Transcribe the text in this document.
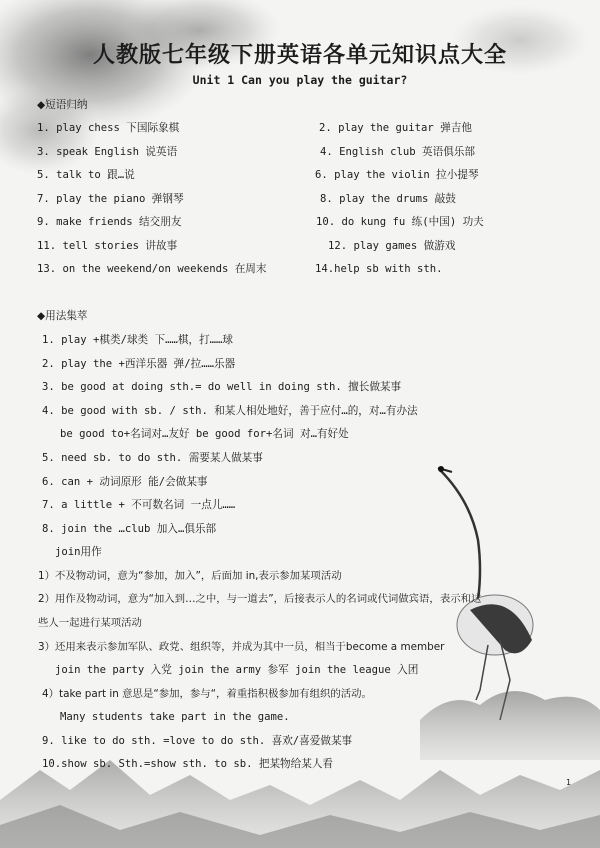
人教版七年级下册英语各单元知识点大全
Unit 1 Can you play the guitar?
◆短语归纳
1. play chess 下国际象棋	2. play the guitar 弹吉他
3. speak English 说英语	4. English club 英语俱乐部
5. talk to 跟…说	6. play the violin 拉小提琴
7. play the piano 弹钢琴	8. play the drums 敲鼓
9. make friends 结交朋友	10. do kung fu 练(中国) 功夫
11. tell stories 讲故事	12. play games 做游戏
13. on the weekend/on weekends 在周末	14.help sb with sth.
◆用法集萃
1. play +棋类/球类 下……棋，打……球
2. play the +西洋乐器 弹/拉……乐器
3. be good at doing sth.= do well in doing sth. 擅长做某事
4. be good with sb. / sth. 和某人相处地好，善于应付…的，对…有办法
be good to+名词对…友好 be good for+名词 对…有好处
5. need sb. to do sth. 需要某人做某事
6. can + 动词原形 能/会做某事
7. a little + 不可数名词 一点儿……
8. join the …club 加入…俱乐部
join用作
1）不及物动词，意为“参加，加入”，后面加 in,表示参加某项活动
2）用作及物动词，意为“加入到…之中，与一道去”，后接表示人的名词或代词做宾语，表示和这
些人一起进行某项活动
3）还用来表示参加军队、政党、组织等，并成为其中一员，相当于become a member
join the party 入党 join the army 参军 join the league 入团
4）take part in 意思是“参加，参与“，着重指积极参加有组织的活动。
Many students take part in the game.
9. like to do sth. =love to do sth. 喜欢/喜爱做某事
10.show sb. Sth.=show sth. to sb. 把某物给某人看
1
